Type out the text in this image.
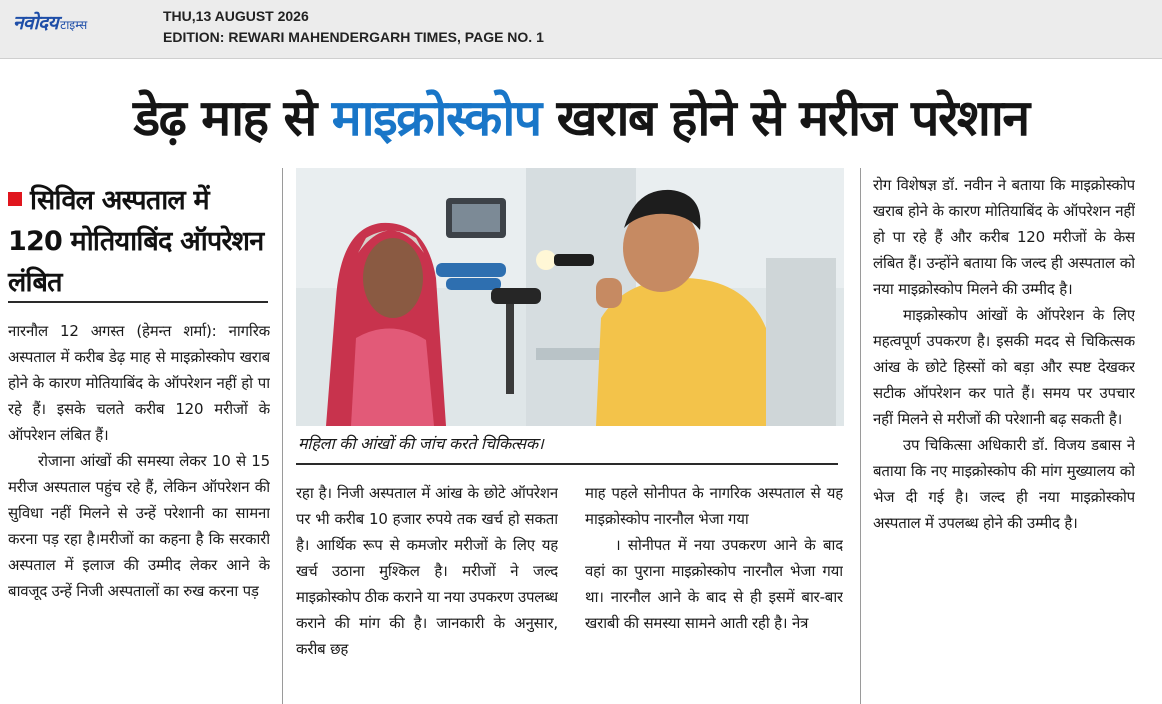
नवोदय टाइम्स
THU,13 AUGUST 2026
EDITION: REWARI MAHENDERGARH TIMES, PAGE NO. 1
डेढ़ माह से माइक्रोस्कोप खराब होने से मरीज परेशान
सिविल अस्पताल में 120 मोतियाबिंद ऑपरेशन लंबित

नारनौल 12 अगस्त (हेमन्त शर्मा): नागरिक अस्पताल में करीब डेढ़ माह से माइक्रोस्कोप खराब होने के कारण मोतियाबिंद के ऑपरेशन नहीं हो पा रहे हैं। इसके चलते करीब 120 मरीजों के ऑपरेशन लंबित हैं।

रोजाना आंखों की समस्या लेकर 10 से 15 मरीज अस्पताल पहुंच रहे हैं, लेकिन ऑपरेशन की सुविधा नहीं मिलने से उन्हें परेशानी का सामना करना पड़ रहा है।मरीजों का कहना है कि सरकारी अस्पताल में इलाज की उम्मीद लेकर आने के बावजूद उन्हें निजी अस्पतालों का रुख करना पड़

महिला की आंखों की जांच करते चिकित्सक।

रहा है। निजी अस्पताल में आंख के छोटे ऑपरेशन पर भी करीब 10 हजार रुपये तक खर्च हो सकता है। आर्थिक रूप से कमजोर मरीजों के लिए यह खर्च उठाना मुश्किल है। मरीजों ने जल्द माइक्रोस्कोप ठीक कराने या नया उपकरण उपलब्ध कराने की मांग की है। जानकारी के अनुसार, करीब छह

माह पहले सोनीपत के नागरिक अस्पताल से यह माइक्रोस्कोप नारनौल भेजा गया

। सोनीपत में नया उपकरण आने के बाद वहां का पुराना माइक्रोस्कोप नारनौल भेजा गया था। नारनौल आने के बाद से ही इसमें बार-बार खराबी की समस्या सामने आती रही है। नेत्र

रोग विशेषज्ञ डॉ. नवीन ने बताया कि माइक्रोस्कोप खराब होने के कारण मोतियाबिंद के ऑपरेशन नहीं हो पा रहे हैं और करीब 120 मरीजों के केस लंबित हैं। उन्होंने बताया कि जल्द ही अस्पताल को नया माइक्रोस्कोप मिलने की उम्मीद है।

माइक्रोस्कोप आंखों के ऑपरेशन के लिए महत्वपूर्ण उपकरण है। इसकी मदद से चिकित्सक आंख के छोटे हिस्सों को बड़ा और स्पष्ट देखकर सटीक ऑपरेशन कर पाते हैं। समय पर उपचार नहीं मिलने से मरीजों की परेशानी बढ़ सकती है।

उप चिकित्सा अधिकारी डॉ. विजय डबास ने बताया कि नए माइक्रोस्कोप की मांग मुख्यालय को भेज दी गई है। जल्द ही नया माइक्रोस्कोप अस्पताल में उपलब्ध होने की उम्मीद है।
